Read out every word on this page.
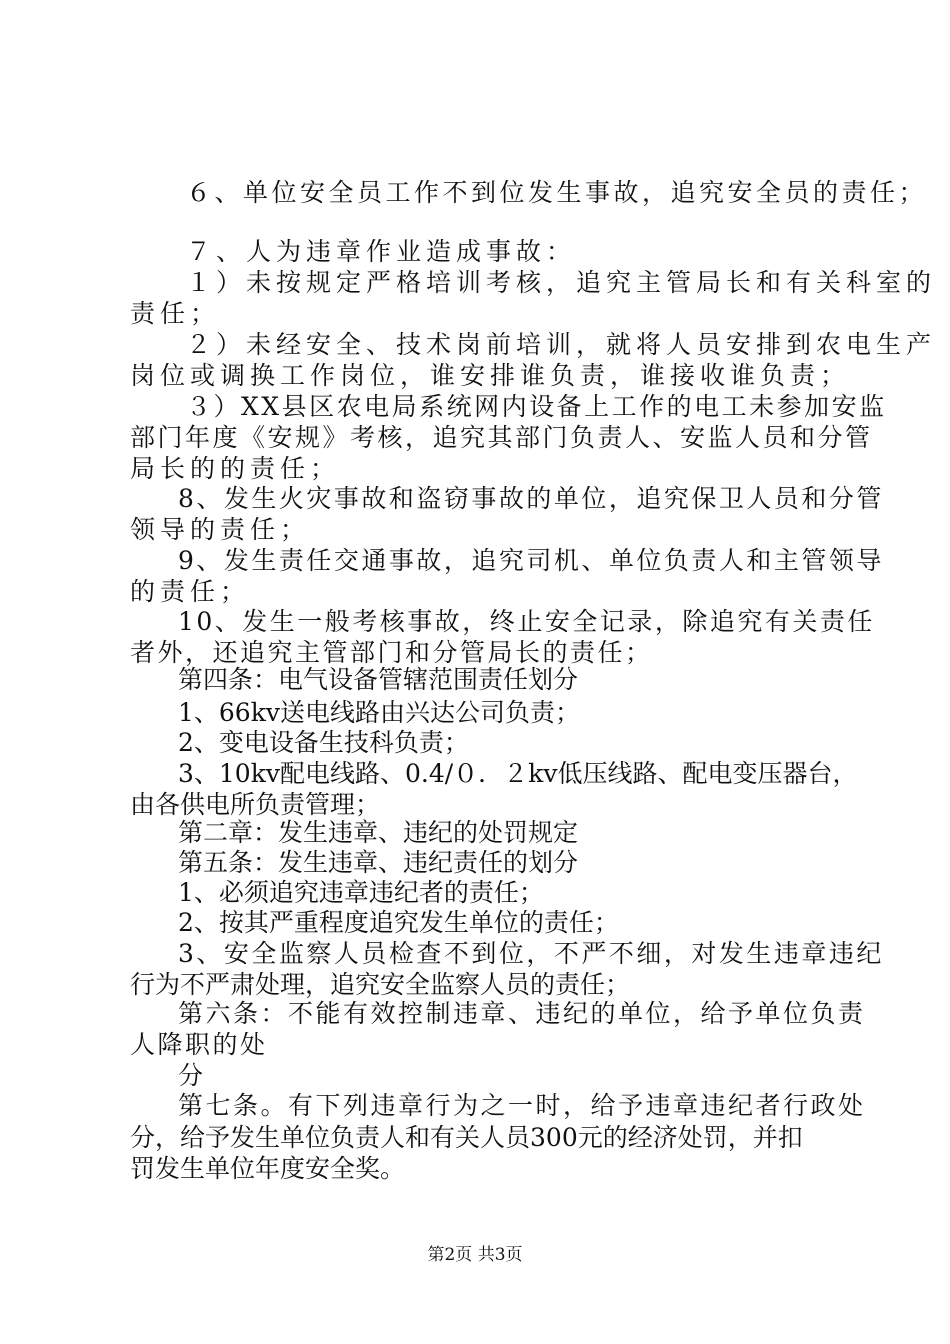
６、单位安全员工作不到位发生事故，追究安全员的责任；
７、人为违章作业造成事故：
１）未按规定严格培训考核，追究主管局长和有关科室的
责任；
２）未经安全、技术岗前培训，就将人员安排到农电生产
岗位或调换工作岗位，谁安排谁负责，谁接收谁负责；
３）XX县区农电局系统网内设备上工作的电工未参加安监
部门年度《安规》考核，追究其部门负责人、安监人员和分管
局长的的责任；
8、发生火灾事故和盗窃事故的单位，追究保卫人员和分管
领导的责任；
9、发生责任交通事故，追究司机、单位负责人和主管领导
的责任；
10、发生一般考核事故，终止安全记录，除追究有关责任
者外，还追究主管部门和分管局长的责任；
第四条：电气设备管辖范围责任划分
1、66kv送电线路由兴达公司负责；
2、变电设备生技科负责；
3、10kv配电线路、0.4/０．２kv低压线路、配电变压器台，
由各供电所负责管理；
第二章：发生违章、违纪的处罚规定
第五条：发生违章、违纪责任的划分
1、必须追究违章违纪者的责任；
2、按其严重程度追究发生单位的责任；
3、安全监察人员检查不到位，不严不细，对发生违章违纪
行为不严肃处理，追究安全监察人员的责任；
第六条：不能有效控制违章、违纪的单位，给予单位负责
人降职的处
分
第七条。有下列违章行为之一时，给予违章违纪者行政处
分，给予发生单位负责人和有关人员300元的经济处罚，并扣
罚发生单位年度安全奖。
第2页 共3页
